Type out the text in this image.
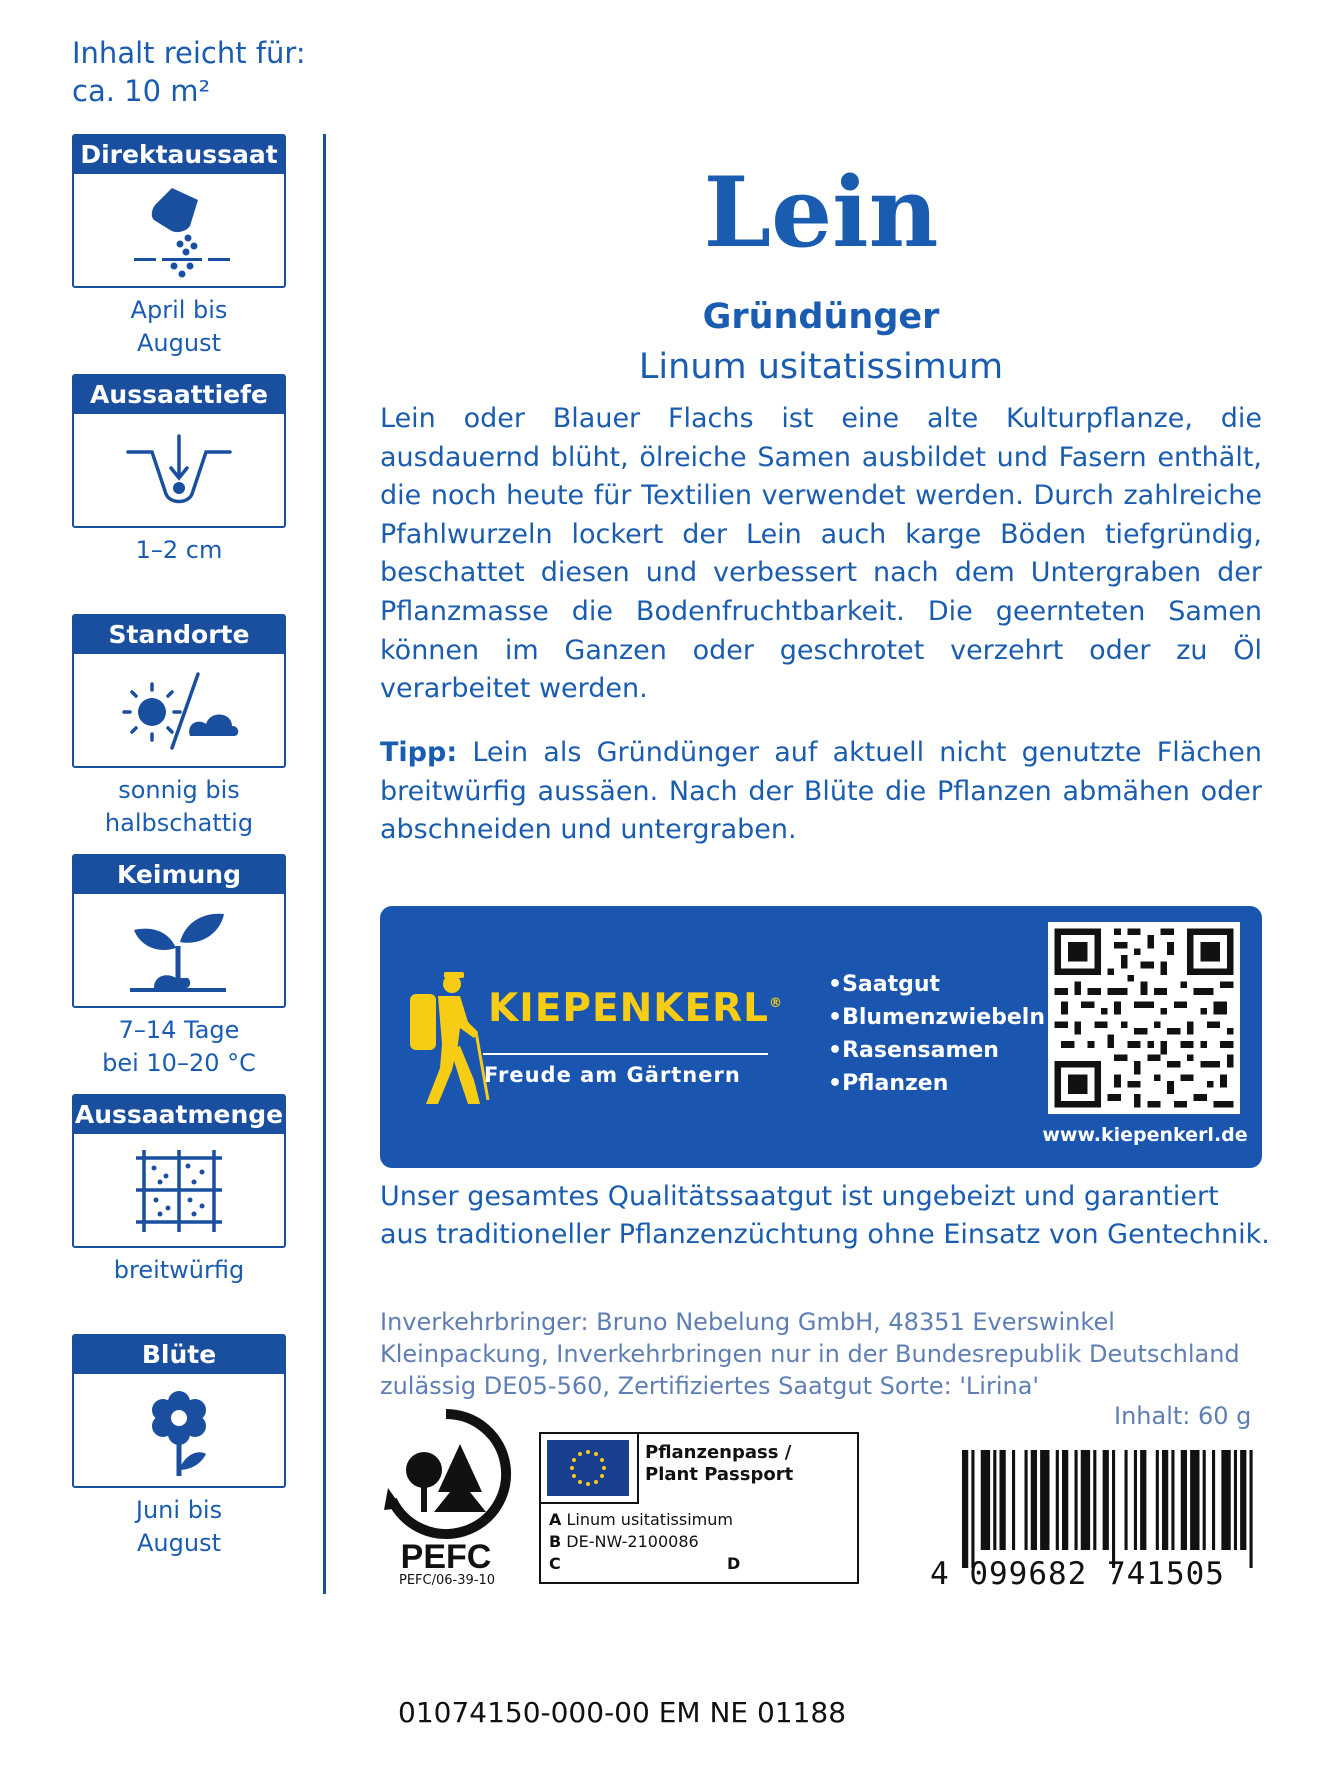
Inhalt reicht für:
ca. 10 m²
Direktaussaat
April bis
August
Aussaattiefe
1–2 cm
Standorte
sonnig bis
halbschattig
Keimung
7–14 Tage
bei 10–20 °C
Aussaatmenge
breitwürfig
Blüte
Juni bis
August
Lein
Gründünger
Linum usitatissimum
Lein oder Blauer Flachs ist eine alte Kulturpflanze, die ausdauernd blüht, ölreiche Samen ausbildet und Fasern enthält, die noch heute für Textilien verwendet werden. Durch zahlreiche Pfahlwurzeln lockert der Lein auch karge Böden tiefgründig, beschattet diesen und verbessert nach dem Untergraben der Pflanzmasse die Bodenfruchtbarkeit. Die geernteten Samen können im Ganzen oder geschrotet verzehrt oder zu Öl verarbeitet werden.
Tipp: Lein als Gründünger auf aktuell nicht genutzte Flächen breitwürfig aussäen. Nach der Blüte die Pflanzen abmähen oder abschneiden und untergraben.
KIEPENKERL®
Freude am Gärtnern
• Saatgut
• Blumenzwiebeln
• Rasensamen
• Pflanzen
www.kiepenkerl.de
Unser gesamtes Qualitätssaatgut ist ungebeizt und garantiert
aus traditioneller Pflanzenzüchtung ohne Einsatz von Gentechnik.
Inverkehrbringer: Bruno Nebelung GmbH, 48351 Everswinkel
Kleinpackung, Inverkehrbringen nur in der Bundesrepublik Deutschland
zulässig DE05-560, Zertifiziertes Saatgut Sorte: 'Lirina'
Inhalt: 60 g
PEFC
PEFC/06-39-10
Pflanzenpass /
Plant Passport
A Linum usitatissimum
B DE-NW-2100086
C	D	4 099682 741505
01074150-000-00 EM NE 01188
